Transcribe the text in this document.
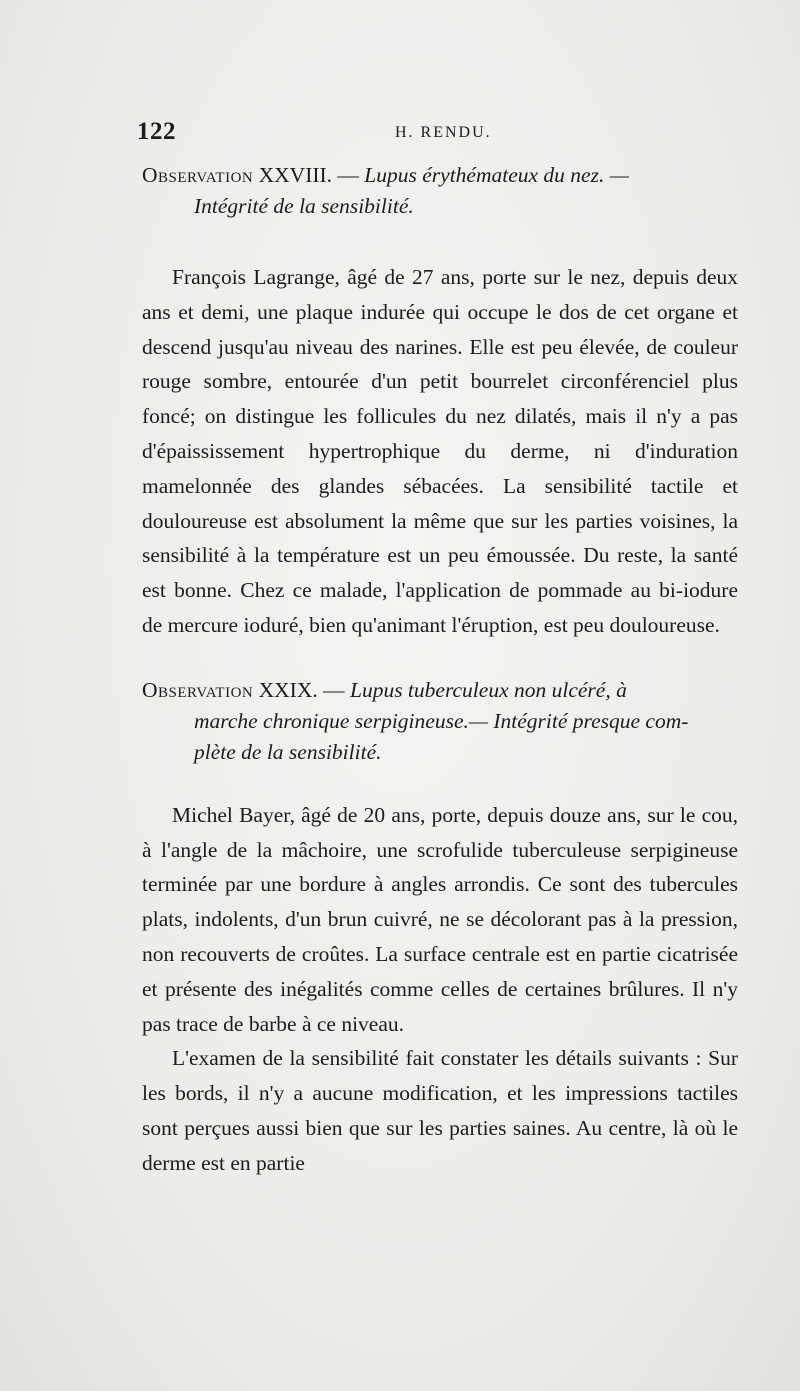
122	H. RENDU.

Observation XXVIII. — Lupus érythémateux du nez. —
Intégrité de la sensibilité.

François Lagrange, âgé de 27 ans, porte sur le nez, depuis deux ans et demi, une plaque indurée qui occupe le dos de cet organe et descend jusqu'au niveau des narines. Elle est peu élevée, de couleur rouge sombre, entourée d'un petit bourrelet circonférenciel plus foncé; on distingue les follicules du nez dilatés, mais il n'y a pas d'épaississement hypertrophique du derme, ni d'induration mamelonnée des glandes sébacées. La sensibilité tactile et douloureuse est absolument la même que sur les parties voisines, la sensibilité à la température est un peu émoussée. Du reste, la santé est bonne. Chez ce malade, l'application de pommade au bi-iodure de mercure ioduré, bien qu'animant l'éruption, est peu douloureuse.

Observation XXIX. — Lupus tuberculeux non ulcéré, à
marche chronique serpigineuse.— Intégrité presque com-
plète de la sensibilité.

Michel Bayer, âgé de 20 ans, porte, depuis douze ans, sur le cou, à l'angle de la mâchoire, une scrofulide tuberculeuse serpigineuse terminée par une bordure à angles arrondis. Ce sont des tubercules plats, indolents, d'un brun cuivré, ne se décolorant pas à la pression, non recouverts de croûtes. La surface centrale est en partie cicatrisée et présente des inégalités comme celles de certaines brûlures. Il n'y pas trace de barbe à ce niveau.

L'examen de la sensibilité fait constater les détails suivants : Sur les bords, il n'y a aucune modification, et les impressions tactiles sont perçues aussi bien que sur les parties saines. Au centre, là où le derme est en partie
